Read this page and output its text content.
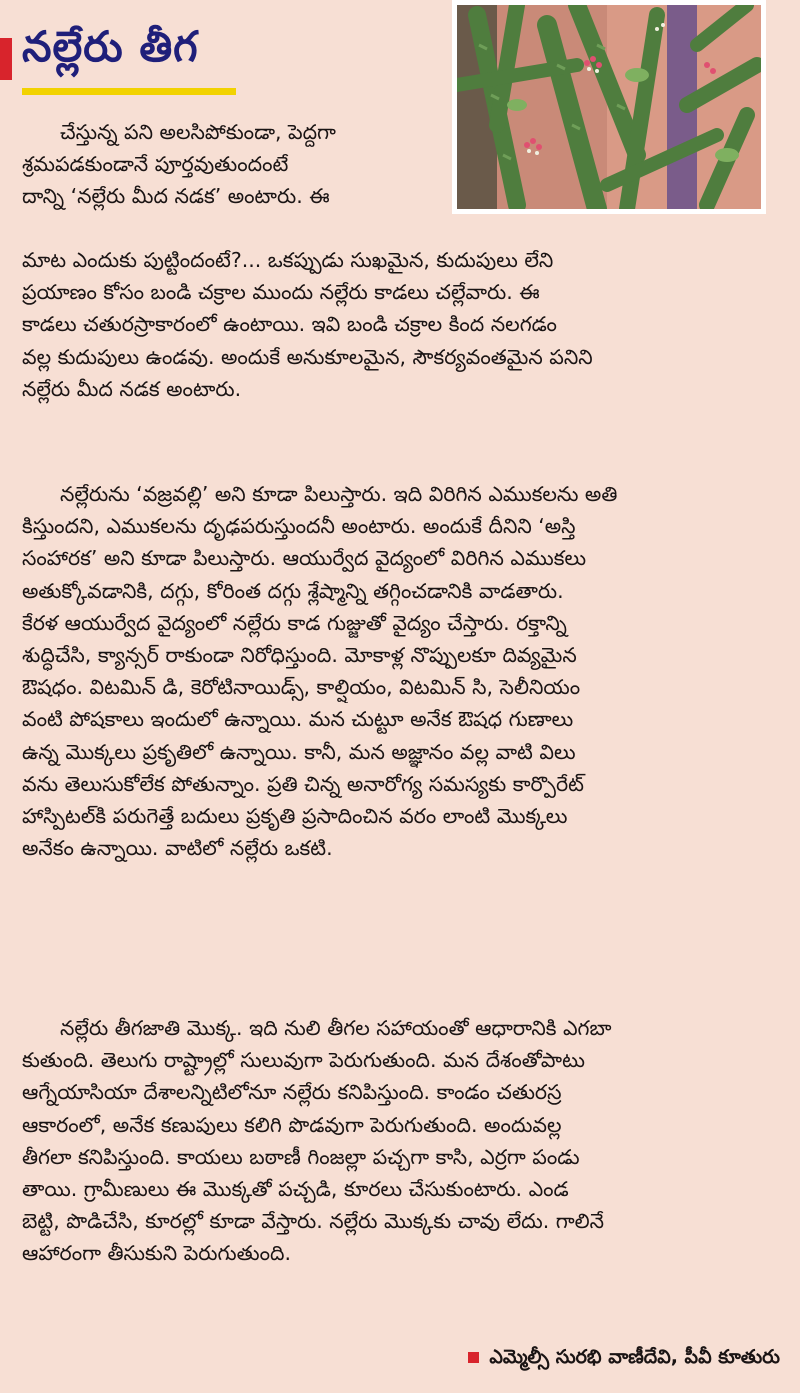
నల్లేరు తీగ
చేస్తున్న పని అలసిపోకుండా, పెద్దగా
శ్రమపడకుండానే పూర్తవుతుందంటే
దాన్ని ‘నల్లేరు మీద నడక’ అంటారు. ఈ
మాట ఎందుకు పుట్టిందంటే?... ఒకప్పుడు సుఖమైన, కుదుపులు లేని
ప్రయాణం కోసం బండి చక్రాల ముందు నల్లేరు కాడలు చల్లేవారు. ఈ
కాడలు చతురస్రాకారంలో ఉంటాయి. ఇవి బండి చక్రాల కింద నలగడం
వల్ల కుదుపులు ఉండవు. అందుకే అనుకూలమైన, సౌకర్యవంతమైన పనిని
నల్లేరు మీద నడక అంటారు.
నల్లేరును ‘వజ్రవల్లి’ అని కూడా పిలుస్తారు. ఇది విరిగిన ఎముకలను అతి
కిస్తుందని, ఎముకలను దృఢపరుస్తుందనీ అంటారు. అందుకే దీనిని ‘అస్తి
సంహారక’ అని కూడా పిలుస్తారు. ఆయుర్వేద వైద్యంలో విరిగిన ఎముకలు
అతుక్కోవడానికి, దగ్గు, కోరింత దగ్గు శ్లేష్మాన్ని తగ్గించడానికి వాడతారు.
కేరళ ఆయుర్వేద వైద్యంలో నల్లేరు కాడ గుజ్జుతో వైద్యం చేస్తారు. రక్తాన్ని
శుద్ధిచేసి, క్యాన్సర్ రాకుండా నిరోధిస్తుంది. మోకాళ్ల నొప్పులకూ దివ్యమైన
ఔషధం. విటమిన్ డి, కెరోటినాయిడ్స్, కాల్షియం, విటమిన్ సి, సెలీనియం
వంటి పోషకాలు ఇందులో ఉన్నాయి. మన చుట్టూ అనేక ఔషధ గుణాలు
ఉన్న మొక్కలు ప్రకృతిలో ఉన్నాయి. కానీ, మన అజ్ఞానం వల్ల వాటి విలు
వను తెలుసుకోలేక పోతున్నాం. ప్రతి చిన్న అనారోగ్య సమస్యకు కార్పొరేట్
హాస్పిటల్‌కి పరుగెత్తే బదులు ప్రకృతి ప్రసాదించిన వరం లాంటి మొక్కలు
అనేకం ఉన్నాయి. వాటిలో నల్లేరు ఒకటి.
నల్లేరు తీగజాతి మొక్క. ఇది నులి తీగల సహాయంతో ఆధారానికి ఎగబా
కుతుంది. తెలుగు రాష్ట్రాల్లో సులువుగా పెరుగుతుంది. మన దేశంతోపాటు
ఆగ్నేయాసియా దేశాలన్నిటిలోనూ నల్లేరు కనిపిస్తుంది. కాండం చతురస్ర
ఆకారంలో, అనేక కణుపులు కలిగి పొడవుగా పెరుగుతుంది. అందువల్ల
తీగలా కనిపిస్తుంది. కాయలు బఠాణీ గింజల్లా పచ్చగా కాసి, ఎర్రగా పండు
తాయి. గ్రామీణులు ఈ మొక్కతో పచ్చడి, కూరలు చేసుకుంటారు. ఎండ
బెట్టి, పొడిచేసి, కూరల్లో కూడా వేస్తారు. నల్లేరు మొక్కకు చావు లేదు. గాలినే
ఆహారంగా తీసుకుని పెరుగుతుంది.
ఎమ్మెల్సీ సురభి వాణీదేవి, పీవీ కూతురు
